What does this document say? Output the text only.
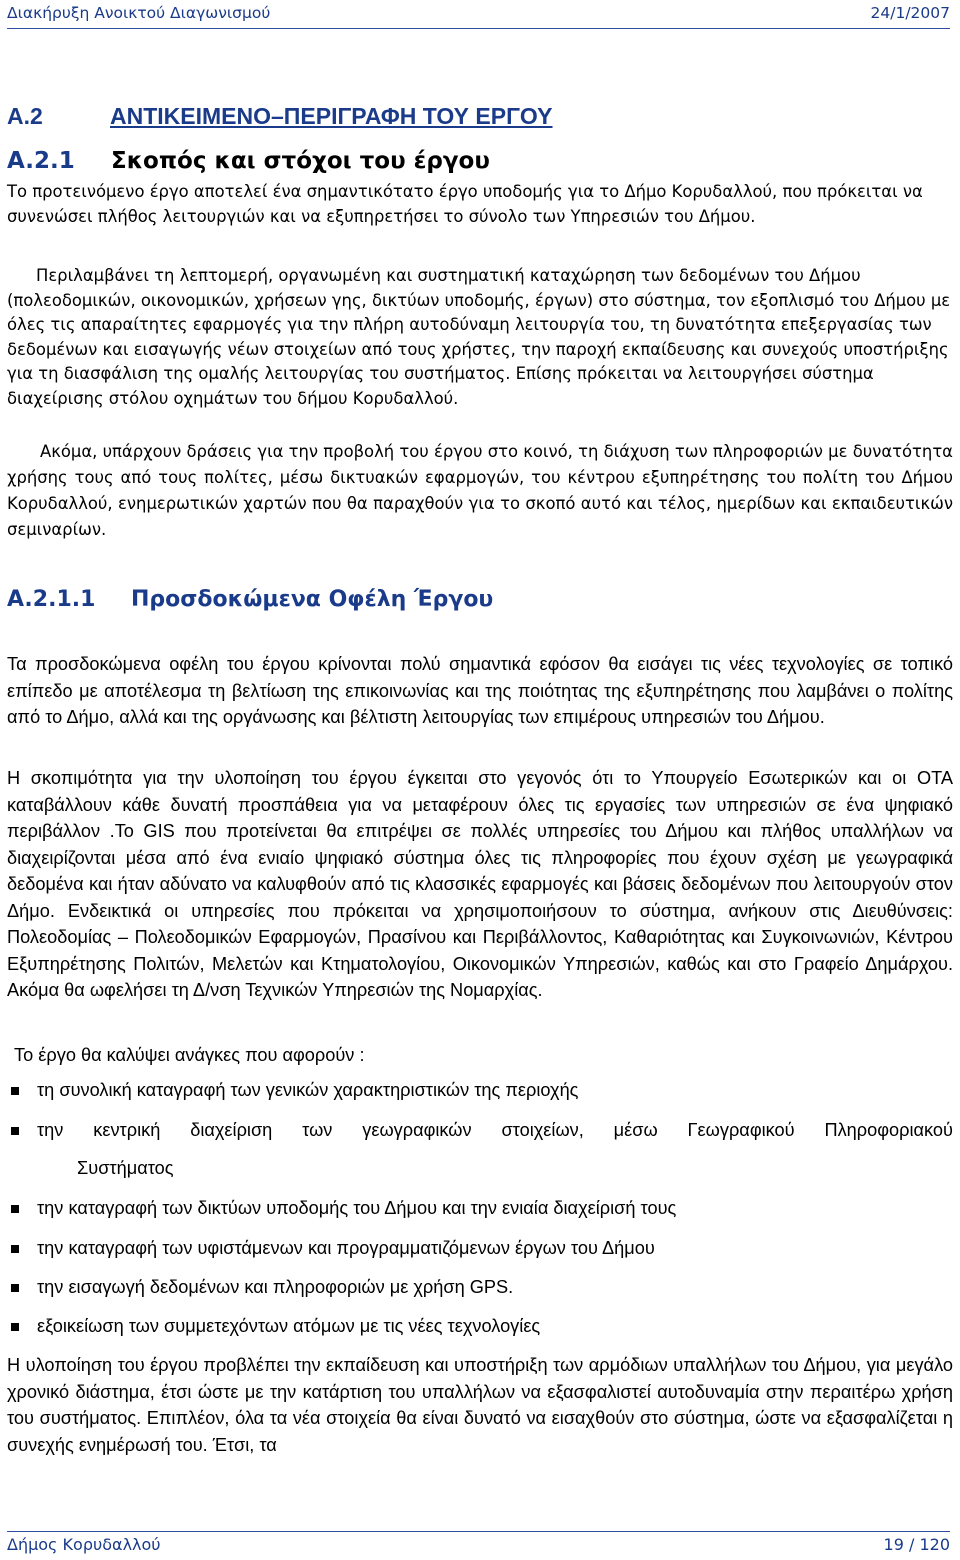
Διακήρυξη Ανοικτού Διαγωνισμού	24/1/2007
A.2	ΑΝΤΙΚΕΙΜΕΝΟ–ΠΕΡΙΓΡΑΦΗ ΤΟΥ ΕΡΓΟΥ
A.2.1 Σκοπός και στόχοι του έργου

Το προτεινόμενο έργο αποτελεί ένα σημαντικότατο έργο υποδομής για το Δήμο Κορυδαλλού, που πρόκειται να συνενώσει πλήθος λειτουργιών και να εξυπηρετήσει το σύνολο των Υπηρεσιών του Δήμου.

Περιλαμβάνει τη λεπτομερή, οργανωμένη και συστηματική καταχώρηση των δεδομένων του Δήμου (πολεοδομικών, οικονομικών, χρήσεων γης, δικτύων υποδομής, έργων) στο σύστημα, τον εξοπλισμό του Δήμου με όλες τις απαραίτητες εφαρμογές για την πλήρη αυτοδύναμη λειτουργία του, τη δυνατότητα επεξεργασίας των δεδομένων και εισαγωγής νέων στοιχείων από τους χρήστες, την παροχή εκπαίδευσης και συνεχούς υποστήριξης για τη διασφάλιση της ομαλής λειτουργίας του συστήματος. Επίσης πρόκειται να λειτουργήσει σύστημα διαχείρισης στόλου οχημάτων του δήμου Κορυδαλλού.

Ακόμα, υπάρχουν δράσεις για την προβολή του έργου στο κοινό, τη διάχυση των πληροφοριών με δυνατότητα χρήσης τους από τους πολίτες, μέσω δικτυακών εφαρμογών, του κέντρου εξυπηρέτησης του πολίτη του Δήμου Κορυδαλλού, ενημερωτικών χαρτών που θα παραχθούν για το σκοπό αυτό και τέλος, ημερίδων και εκπαιδευτικών σεμιναρίων.

A.2.1.1 Προσδοκώμενα Οφέλη Έργου

Τα προσδοκώμενα οφέλη του έργου κρίνονται πολύ σημαντικά εφόσον θα εισάγει τις νέες τεχνολογίες σε τοπικό επίπεδο με αποτέλεσμα τη βελτίωση της επικοινωνίας και της ποιότητας της εξυπηρέτησης που λαμβάνει ο πολίτης από το Δήμο, αλλά και της οργάνωσης και βέλτιστη λειτουργίας των επιμέρους υπηρεσιών του Δήμου.

Η σκοπιμότητα για την υλοποίηση του έργου έγκειται στο γεγονός ότι το Υπουργείο Εσωτερικών και οι ΟΤΑ καταβάλλουν κάθε δυνατή προσπάθεια για να μεταφέρουν όλες τις εργασίες των υπηρεσιών σε ένα ψηφιακό περιβάλλον .Το GIS που προτείνεται θα επιτρέψει σε πολλές υπηρεσίες του Δήμου και πλήθος υπαλλήλων να διαχειρίζονται μέσα από ένα ενιαίο ψηφιακό σύστημα όλες τις πληροφορίες που έχουν σχέση με γεωγραφικά δεδομένα και ήταν αδύνατο να καλυφθούν από τις κλασσικές εφαρμογές και βάσεις δεδομένων που λειτουργούν στον Δήμο. Ενδεικτικά οι υπηρεσίες που πρόκειται να χρησιμοποιήσουν το σύστημα, ανήκουν στις Διευθύνσεις: Πολεοδομίας – Πολεοδομικών Εφαρμογών, Πρασίνου και Περιβάλλοντος, Καθαριότητας και Συγκοινωνιών, Κέντρου Εξυπηρέτησης Πολιτών, Μελετών και Κτηματολογίου, Οικονομικών Υπηρεσιών, καθώς και στο Γραφείο Δημάρχου. Ακόμα θα ωφελήσει τη Δ/νση Τεχνικών Υπηρεσιών της Νομαρχίας.

Το έργο θα καλύψει ανάγκες που αφορούν :

τη συνολική καταγραφή των γενικών χαρακτηριστικών της περιοχής
την κεντρική διαχείριση των γεωγραφικών στοιχείων, μέσω Γεωγραφικού Πληροφοριακού
Συστήματος
την καταγραφή των δικτύων υποδομής του Δήμου και την ενιαία διαχείρισή τους
την καταγραφή των υφιστάμενων και προγραμματιζόμενων έργων του Δήμου
την εισαγωγή δεδομένων και πληροφοριών με χρήση GPS.
εξοικείωση των συμμετεχόντων ατόμων με τις νέες τεχνολογίες

Η υλοποίηση του έργου προβλέπει την εκπαίδευση και υποστήριξη των αρμόδιων υπαλλήλων του Δήμου, για μεγάλο χρονικό διάστημα, έτσι ώστε με την κατάρτιση του υπαλλήλων να εξασφαλιστεί αυτοδυναμία στην περαιτέρω χρήση του συστήματος. Επιπλέον, όλα τα νέα στοιχεία θα είναι δυνατό να εισαχθούν στο σύστημα, ώστε να εξασφαλίζεται η συνεχής ενημέρωσή του. Έτσι, τα

Δήμος Κορυδαλλού	19 / 120
